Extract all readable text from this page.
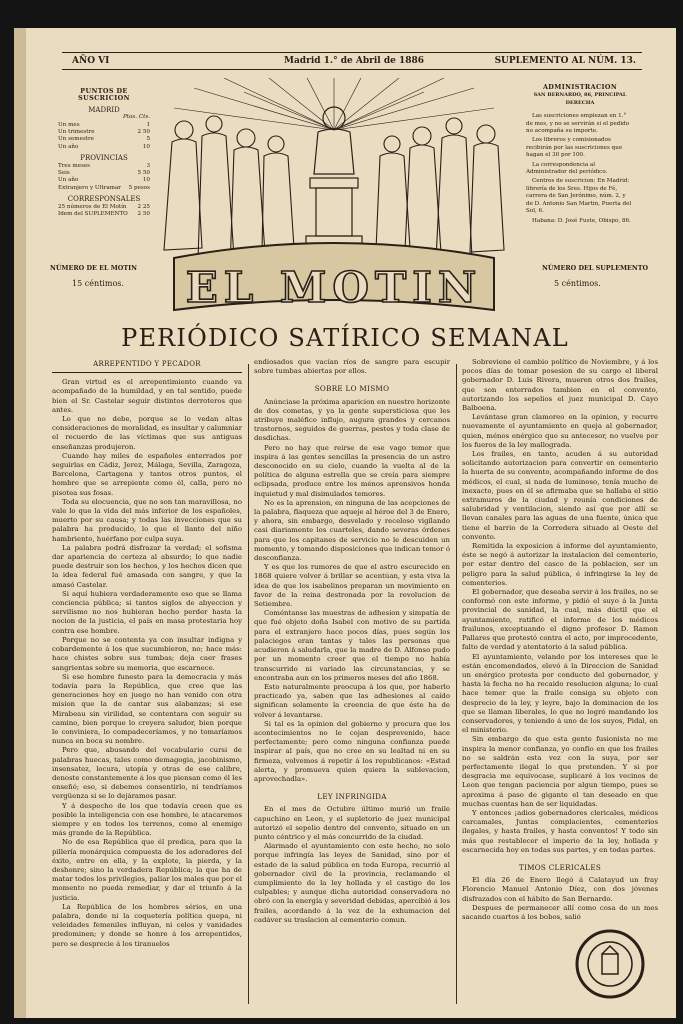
AÑO VI	Madrid 1.° de Abril de 1886	SUPLEMENTO AL NÚM. 13.
PUNTOS DE SUSCRICION
MADRID
Ptas. Cts.
Un mes	1
Un trimestre	2 50
Un semestre	5
Un año	10
PROVINCIAS
Tres meses	3
Seis	5 50
Un año	10
Extranjero y Ultramar 5 pesos
CORRESPONSALES
25 números de El Motín 2 25
Idem del SUPLEMENTO 2 50
NÚMERO DE EL MOTIN
15 céntimos.
ADMINISTRACION
SAN BERNARDO, 86, PRINCIPAL DERECHA
Las suscriciones empiezan en 1.° de mes, y no se servirán si el pedido no acompaña su importe.
Los libreros y comisionados recibirán por las suscriciones que hagan el 30 por 100.
La correspondencia al Administrador del periódico.
Centros de suscricion: En Madrid: librería de los Sres. Hijos de Fé, carrera de San Jerónimo, núm. 2, y de D. Antonio San Martin, Puerta del Sol, 6.
Habana: D. José Fuste, Obispo, 86.
NÚMERO DEL SUPLEMENTO
5 céntimos.
EL MOTIN
PERIÓDICO SATÍRICO SEMANAL
ARREPENTIDO Y PECADOR

Gran virtud es el arrepentimiento cuando va acompañado de la humildad, y en tal sentido, puede bien el Sr. Castelar seguir distintos derroteros que antes.

Lo que no debe, porque se lo vedan altas consideraciones de moralidad, es insultar y calumniar el recuerdo de las víctimas que sus antiguas enseñanzas produjeron.

Cuando hay miles de españoles enterrados por seguirlas en Cádiz, Jerez, Málaga, Sevilla, Zaragoza, Barcelona, Cartagena y tantos otros puntos, el hombre que se arrepiente como él, calla, pero no pisotea sus fosas.

Toda su elocuencia, que no son tan maravillosa, no vale lo que la vida del más inferior de los españoles, muerto por su causa; y todas las invecciones que su palabra ha producido, lo que el llanto del niño hambriento, huérfano por culpa suya.

La palabra podrá disfrazar la verdad; el sofisma dar apariencia de certeza al absurdo; lo que nadie puede destruir son los hechos, y los hechos dicen que la idea federal fué amasada con sangre, y que la amasó Castelar.

Si aquí hubiera verdaderamente eso que se llama conciencia pública; si tantos siglos de abyeccion y servilismo no nos hubieran hecho perder hasta la nocion de la justicia, el país en masa protestaria hoy contra ese hombre.

Porque no se contenta ya con insultar indigna y cobardemente á los que sucumbieron, no; hace más: hace chistes sobre sus tumbas; deja caer frases sangrientas sobre su memoria, que escarnece.

Si ese hombre funesto para la democracia y más todavía para la República, que cree que las generaciones hoy en juego no han venido con otra mision que la de cantar sus alabanzas; si ese Mirabeau sin virilidad, se contentara con seguir su camino, bien porque lo creyera saludor, bien porque le conviniera, lo compadeceríamos, y no tomaríamos nunca en boca su nombre.

Pero que, abusando del vocabulario cursi de palabras huecas, tales como demagogia, jacobinismo, insensatez, locura, utopía y otras de ese calibre, denoste constantemente á los que piensan como él les enseñó; eso, si debemos consentirlo, ni tendríamos vergüenza si se lo dejáramos pasar.

Y á despecho de los que todavía creen que es posible la inteligencia con ese hombre, le atacaremos siempre y en todos los terrenos, como al enemigo más grande de la República.

No de esa República que él predica, para que la pillería monárquica compuesta de los adoradores del éxito, entre en ella, y la explote, la pierda, y la deshonre; sino la verdadera República; la que ha de matar todos los privilegios, paliar los males que por el momento no pueda remediar, y dar el triunfo á la justicia.

La República de los hombres sérios, en una palabra, donde ni la coquetería política quepa, ni veleidades femeniles influyan, ni celos y vanidades predominen; y donde se honre á los arrepentidos, pero se desprecie á los tiranuelos

endiosados que vacían ríos de sangre para escupir sobre tumbas abiertas por ellos.

SOBRE LO MISMO

Anúnciase la próxima aparicion en nuestro horizonte de dos cometas, y ya la gente supersticiosa que les atribuye maléfico influjo, augura grandes y cercanos trastornos, seguidos de guerras, pestes y toda clase de desdichas.

Pero no hay que reirse de ese vago temor que inspira á las gentes sencillas la presencia de un astro desconocido en su cielo, cuando la vuelta al de la política de alguna estrella que se creía para siempre eclipsada, produce entre los ménos aprensivos honda inquietud y mal disimulados temores.

No es la aprension, en ninguna de las acepciones de la palabra, flaqueza que aqueje al héroe del 3 de Enero, y ahora, sin embargo, desvelado y receloso vigílando casi diariamente los cuarteles, dando severas órdenes para que los capitanes de servicio no le descuiden un momento, y tomando disposiciones que indican temor ó desconfianza.

Y es que los rumores de que el astro escurecido en 1868 quiere volver á brillar se acentúan, y esta viva la idea de que los isabelinos preparan un movimiento en favor de la reina destronada por la revolucion de Setiembre.

Coméntanse las muestras de adhesion y simpatía de que fué objeto doña Isabel con motivo de su partida para el extranjero hace pocos días, pues según los palaciegos eran tantas y tales las personas que acudieron á saludarla, que la madre de D. Alfonso pudo por un momento creer que el tiempo no había transcurrido ni variado las circunstancias, y se encontraba aun en los primeros meses del año 1868.

Esto naturalmente preocupa á los que, por haberlo practicado ya, saben que las adhesiones al caído significan solamente la creencia de que éste ha de volver á levantarse.

Si tal es la opinion del gobierno y procura que los acontecimientos no le cojan desprevenido, hace perfectamente; pero como ninguna confianza puede inspirar al país, que no cree en su lealtad ni en su firmeza, volvemos á repetir á los republicanos: «Estad alerta, y promueva quien quiera la sublevacion, aprovechadla».

LEY INFRINGIDA

En el mes de Octubre último murió un fraile capuchino en Leon, y el supletorio de juez municipal autorizó el sepelio dentro del convento, situado en un punto céntrico y el más concurrido de la ciudad.

Alarmado el ayuntamiento con este hecho, no solo porque infringía las leyes de Sanidad, sino por el estado de la salud pública en toda Europa, recurrió al gobernador civil de la provincia, reclamando el cumplimiento de la ley hollada y el castigo de los culpables; y aunque dicha autoridad conservadora no obró con la energía y severidad debidas, apercibió á los frailes, acordando á la vez de la exhumacion del cadáver su traslacion al cementerio comun.

Sobreviene el cambio político de Noviembre, y á los pocos días de tomar posesion de su cargo el liberal gobernador D. Luis Rivera, mueren otros dos frailes, que son enterrados tambien en el convento, autorizando los sepelios el juez municipal D. Cayo Balboena.

Levántase gran clamoreo en la opinion, y recurre nuevamente el ayuntamiento en queja al gobernador, quien, ménos enérgico que su antecesor, no vuelve por los fueros de la ley mallograda.

Los frailes, en tanto, acuden á su autoridad solicitando autorizacion para convertir en cementerio la huerta de su convento, acompañando informe de dos médicos, el cual, si nada de luminoso, tenía mucho de inexacto, pues en él se afirmaba que se hallaba el sitio extramuros de la ciudad y reunía condiciones de salubridad y ventilacion, siendo así que por allí se llevan canales para las aguas de una fuente, única que tiene el barrio de la Corredera situado al Oeste del convento.

Remitida la exposicion á informe del ayuntamiento, éste se negó á autorizar la instalacion del cementerio, por estar dentro del casco de la poblacion, ser un peligro para la salud pública, é infringirse la ley de cementerios.

El gobernador, que deseaba servir á los frailes, no se conformó con este informe, y pidió el suyo á la Junta provincial de sanidad, la cual, más dúctil que el ayuntamiento, ratificó el informe de los médicos frailunos, exceptuando el digno profesor D. Ramon Pallares que protestó contra el acto, por improcedente, falto de verdad y atentatorio á la salud pública.

El ayuntamiento, velando por los intereses que le están encomendados, elevó á la Direccion de Sanidad un enérgico protesta por conducto del gobernador, y hasta la fecha no ha recaido resolucion alguna; lo cual hace temer que la fraile consiga su objeto con desprecio de la ley, y leyre, bajo la dominacion de los que se llaman liberales, lo que no logró mandando los conservadores, y teniendo á uno de los suyos, Pidal, en el ministerio.

Sin embargo de que esta gente fusionista no me inspira la menor confianza, yo confío en que los frailes no se saldrán esta vez con la suya, por ser perfectamente ilegal lo que pretenden. Y si por desgracia me equivocase, suplicaré á los vecinos de Leon que tengan paciencia por algun tiempo, pues se aproxima á paso de gigante el tan deseado en que muchas cuentas han de ser liquidadas.

Y entonces ¡adios gobernadores clericales, médicos carcamales, Juntas complacientes, cementerios ilegales, y hasta frailes, y hasta conventos! Y todo sin más que restablecer el imperio de la ley, hollada y escarnecida hoy en todas sus partes, y en todas partes.

TIMOS CLERICALES

El día 26 de Enero llegó á Calatayud un fray Florencio Manuel Antonio Díez, con dos jóvenes disfrazados con el hábito de San Bernardo.

Despues de permanecer allí como cosa de un mes sacando cuartos á los bobos, salió
